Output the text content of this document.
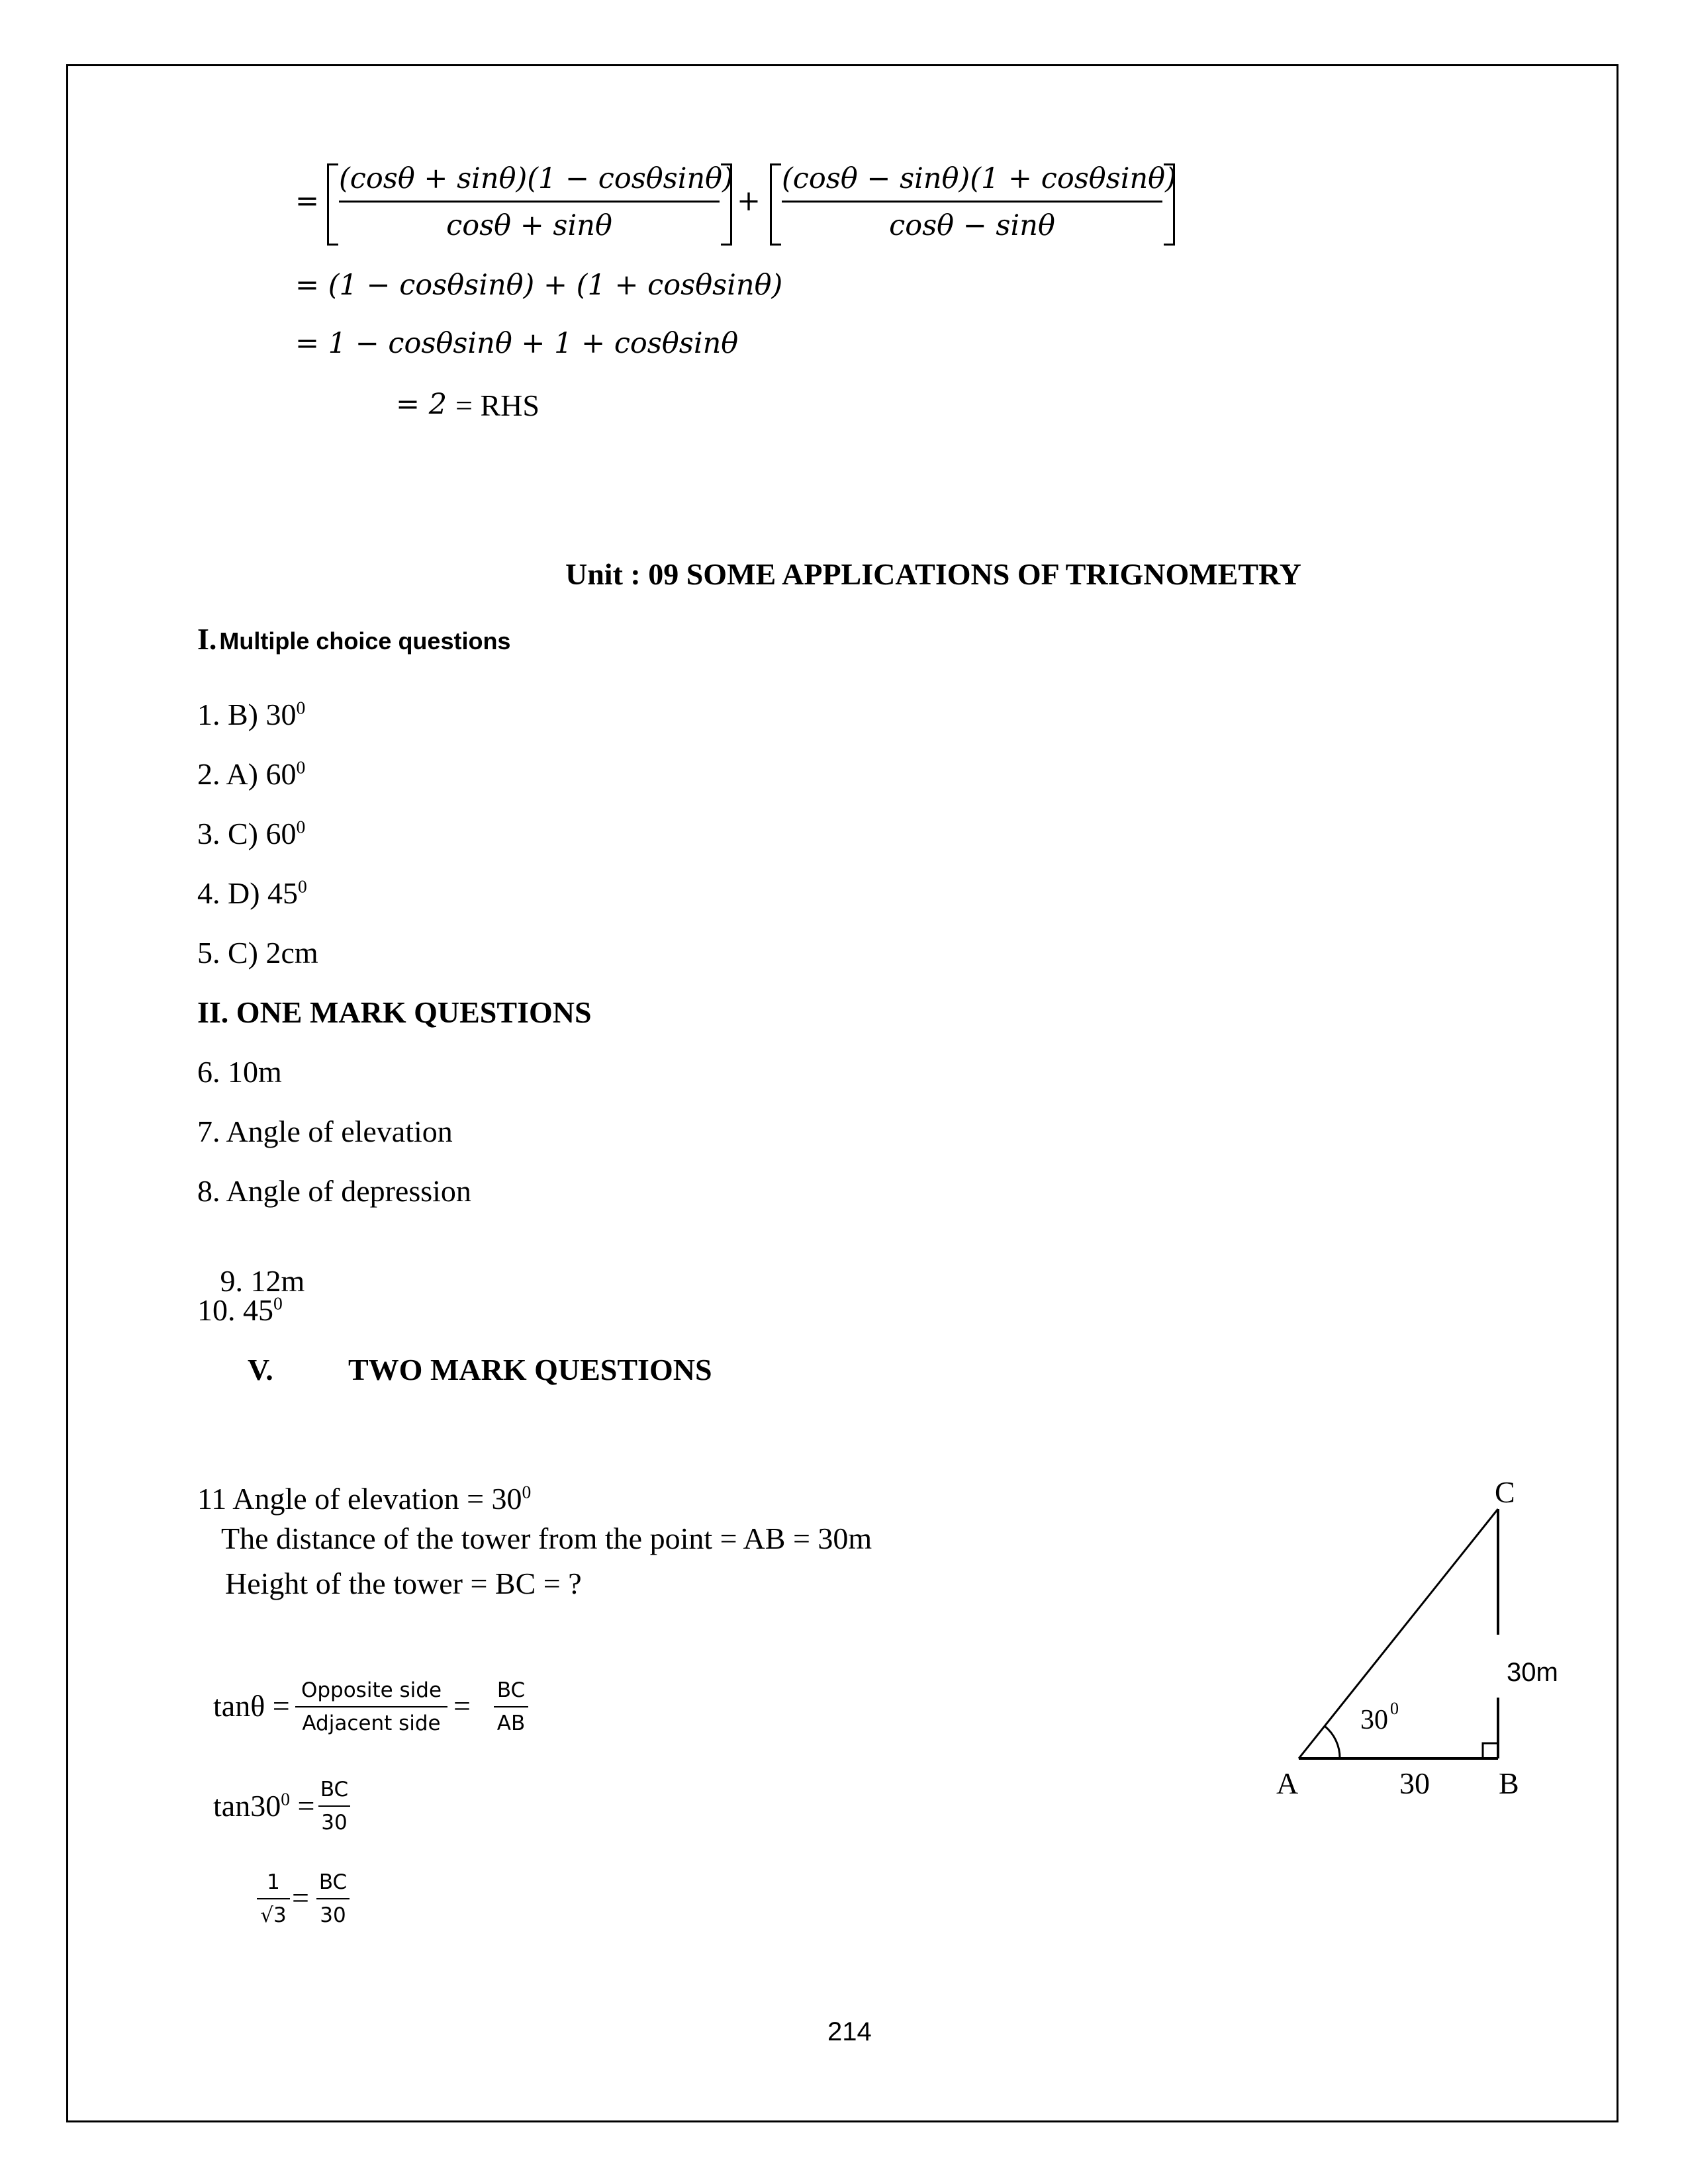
=
(cosθ + sinθ)(1 − cosθsinθ)
cosθ + sinθ
+
(cosθ − sinθ)(1 + cosθsinθ)
cosθ − sinθ
= (1 − cosθsinθ) + (1 + cosθsinθ)
= 1 − cosθsinθ + 1 + cosθsinθ
= 2 = RHS
Unit : 09 SOME APPLICATIONS OF TRIGNOMETRY
I. Multiple choice questions
1. B) $30^0$
2. A) $60^0$
3. C) $60^0$
4. D) $45^0$
5. C) 2cm
II. ONE MARK QUESTIONS
6. 10m
7. Angle of elevation
8. Angle of depression

9. 12m

10. $45^0$
V. TWO MARK QUESTIONS
11 Angle of elevation = $30^0$
The distance of the tower from the point = AB = 30m
Height of the tower = BC = ?
tanθ = Opposite side
Adjacent side
= BC
AB
$\tan 30^0$ = BC
30
1
√3
= BC
30
A	B
C
30
30m
30 0
214
